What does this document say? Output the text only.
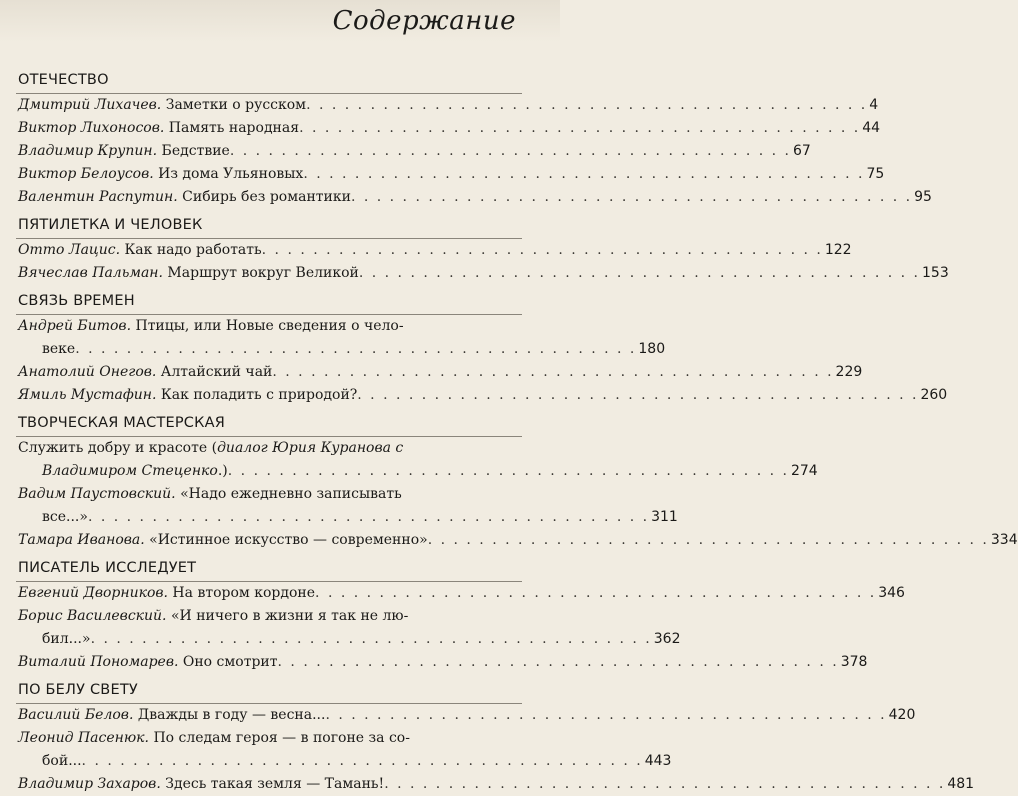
Содержание
ОТЕЧЕСТВО
Дмитрий Лихачев. Заметки о русском . . .	4
Виктор Лихоносов. Память народная . . .	44
Владимир Крупин. Бедствие . . .	67
Виктор Белоусов. Из дома Ульяновых . . .	75
Валентин Распутин. Сибирь без романтики . . .	95
ПЯТИЛЕТКА И ЧЕЛОВЕК
Отто Лацис. Как надо работать . . .	122
Вячеслав Пальман. Маршрут вокруг Великой . . .	153
СВЯЗЬ ВРЕМЕН
Андрей Битов. Птицы, или Новые сведения о чело-
веке . . .	180
Анатолий Онегов. Алтайский чай . . .	229
Ямиль Мустафин. Как поладить с природой? . . .	260
ТВОРЧЕСКАЯ МАСТЕРСКАЯ
Служить добру и красоте (диалог Юрия Куранова с
Владимиром Стеценко.) . . .	274
Вадим Паустовский. «Надо ежедневно записывать
все...» . . .	311
Тамара Иванова. «Истинное искусство — современно» . . .	334
ПИСАТЕЛЬ ИССЛЕДУЕТ
Евгений Дворников. На втором кордоне . . .	346
Борис Василевский. «И ничего в жизни я так не лю-
бил...» . . .	362
Виталий Пономарев. Оно смотрит . . .	378
ПО БЕЛУ СВЕТУ
Василий Белов. Дважды в году — весна... . . .	420
Леонид Пасенюк. По следам героя — в погоне за со-
бой... . . .	443
Владимир Захаров. Здесь такая земля — Тамань! . . .	481
